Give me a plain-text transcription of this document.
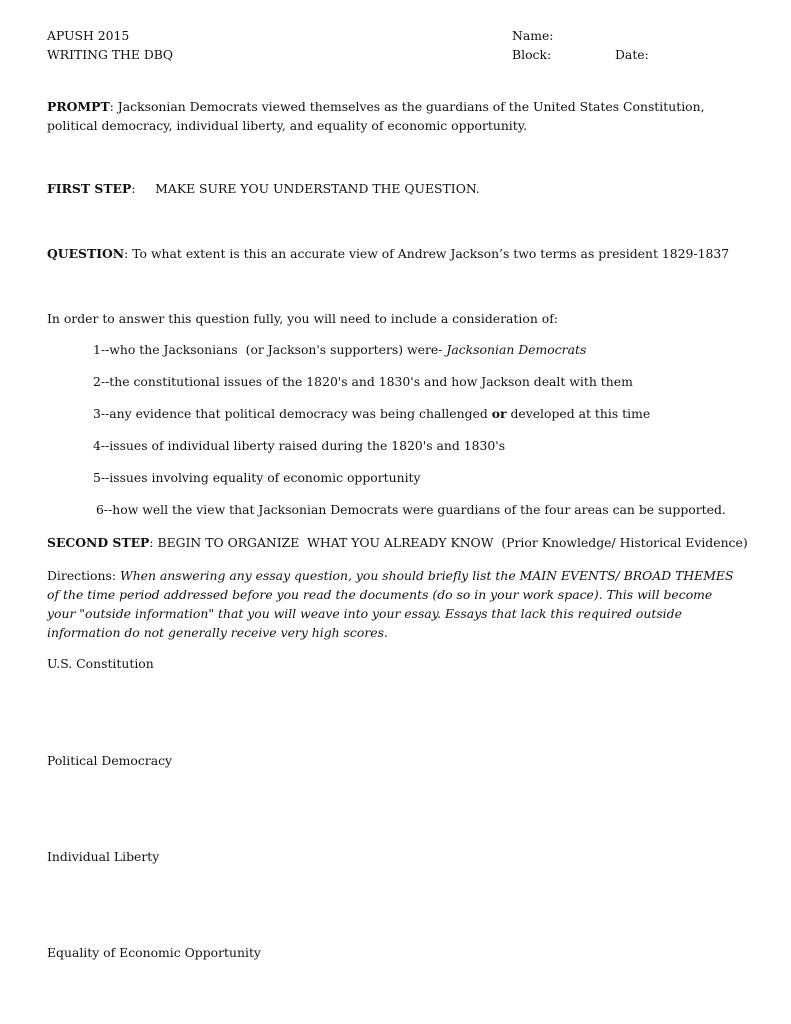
APUSH 2015
WRITING THE DBQ
Name:
Block:	Date:
PROMPT: Jacksonian Democrats viewed themselves as the guardians of the United States Constitution, political democracy, individual liberty, and equality of economic opportunity.
FIRST STEP:     MAKE SURE YOU UNDERSTAND THE QUESTION.
QUESTION: To what extent is this an accurate view of Andrew Jackson’s two terms as president 1829-1837
In order to answer this question fully, you will need to include a consideration of:
1--who the Jacksonians  (or Jackson's supporters) were- Jacksonian Democrats
2--the constitutional issues of the 1820's and 1830's and how Jackson dealt with them
3--any evidence that political democracy was being challenged or developed at this time
4--issues of individual liberty raised during the 1820's and 1830's
5--issues involving equality of economic opportunity
6--how well the view that Jacksonian Democrats were guardians of the four areas can be supported.
SECOND STEP: BEGIN TO ORGANIZE  WHAT YOU ALREADY KNOW  (Prior Knowledge/ Historical Evidence)
Directions: When answering any essay question, you should briefly list the MAIN EVENTS/ BROAD THEMES of the time period addressed before you read the documents (do so in your work space). This will become your "outside information" that you will weave into your essay. Essays that lack this required outside information do not generally receive very high scores.
U.S. Constitution
Political Democracy
Individual Liberty
Equality of Economic Opportunity
